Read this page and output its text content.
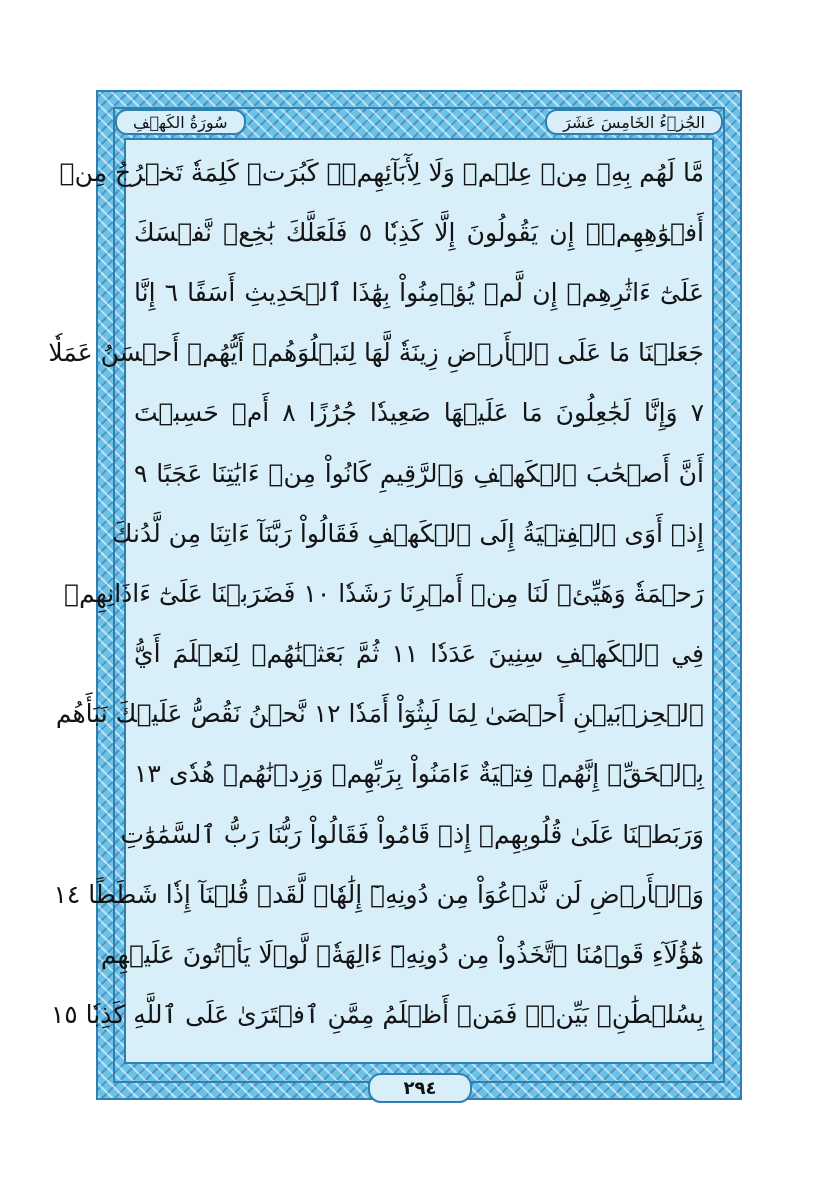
سُورَةُ الكَهۡفِ	الجُزۡءُ الخَامِسَ عَشَرَ
مَّا لَهُم بِهِۦ مِنۡ عِلۡمٖ وَلَا لِأٓبَآئِهِمۡۚ كَبُرَتۡ كَلِمَةٗ تَخۡرُجُ مِنۡ
أَفۡوَٰهِهِمۡۚ إِن يَقُولُونَ إِلَّا كَذِبٗا ٥ فَلَعَلَّكَ بَٰخِعٞ نَّفۡسَكَ
عَلَىٰٓ ءَاثَٰرِهِمۡ إِن لَّمۡ يُؤۡمِنُواْ بِهَٰذَا ٱلۡحَدِيثِ أَسَفًا ٦ إِنَّا
جَعَلۡنَا مَا عَلَى ٱلۡأَرۡضِ زِينَةٗ لَّهَا لِنَبۡلُوَهُمۡ أَيُّهُمۡ أَحۡسَنُ عَمَلٗا
٧ وَإِنَّا لَجَٰعِلُونَ مَا عَلَيۡهَا صَعِيدٗا جُرُزًا ٨ أَمۡ حَسِبۡتَ
أَنَّ أَصۡحَٰبَ ٱلۡكَهۡفِ وَٱلرَّقِيمِ كَانُواْ مِنۡ ءَايَٰتِنَا عَجَبًا ٩
إِذۡ أَوَى ٱلۡفِتۡيَةُ إِلَى ٱلۡكَهۡفِ فَقَالُواْ رَبَّنَآ ءَاتِنَا مِن لَّدُنكَ
رَحۡمَةٗ وَهَيِّئۡ لَنَا مِنۡ أَمۡرِنَا رَشَدٗا ١٠ فَضَرَبۡنَا عَلَىٰٓ ءَاذَانِهِمۡ
فِي ٱلۡكَهۡفِ سِنِينَ عَدَدٗا ١١ ثُمَّ بَعَثۡنَٰهُمۡ لِنَعۡلَمَ أَيُّ
ٱلۡحِزۡبَيۡنِ أَحۡصَىٰ لِمَا لَبِثُوٓاْ أَمَدٗا ١٢ نَّحۡنُ نَقُصُّ عَلَيۡكَ نَبَأَهُم
بِٱلۡحَقِّۚ إِنَّهُمۡ فِتۡيَةٌ ءَامَنُواْ بِرَبِّهِمۡ وَزِدۡنَٰهُمۡ هُدٗى ١٣
وَرَبَطۡنَا عَلَىٰ قُلُوبِهِمۡ إِذۡ قَامُواْ فَقَالُواْ رَبُّنَا رَبُّ ٱلسَّمَٰوَٰتِ
وَٱلۡأَرۡضِ لَن نَّدۡعُوَاْ مِن دُونِهِۦٓ إِلَٰهٗاۖ لَّقَدۡ قُلۡنَآ إِذٗا شَطَطًا ١٤
هَٰٓؤُلَآءِ قَوۡمُنَا ٱتَّخَذُواْ مِن دُونِهِۦٓ ءَالِهَةٗۖ لَّوۡلَا يَأۡتُونَ عَلَيۡهِم
بِسُلۡطَٰنِۭ بَيِّنٖۖ فَمَنۡ أَظۡلَمُ مِمَّنِ ٱفۡتَرَىٰ عَلَى ٱللَّهِ كَذِبٗا ١٥
٢٩٤
